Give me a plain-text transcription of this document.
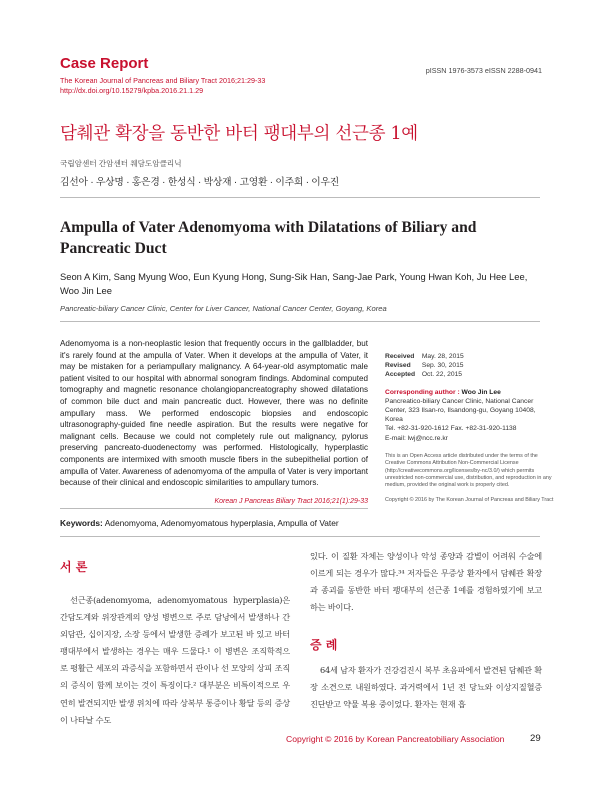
Case Report
The Korean Journal of Pancreas and Biliary Tract 2016;21:29-33
http://dx.doi.org/10.15279/kpba.2016.21.1.29
pISSN 1976-3573 eISSN 2288-0941
담췌관 확장을 동반한 바터 팽대부의 선근종 1예
국립암센터 간암센터 췌담도암클리닉
김선아 · 우상명 · 홍은경 · 한성식 · 박상재 · 고영환 · 이주희 · 이우진
Ampulla of Vater Adenomyoma with Dilatations of Biliary and Pancreatic Duct
Seon A Kim, Sang Myung Woo, Eun Kyung Hong, Sung-Sik Han, Sang-Jae Park, Young Hwan Koh, Ju Hee Lee, Woo Jin Lee
Pancreatic-biliary Cancer Clinic, Center for Liver Cancer, National Cancer Center, Goyang, Korea
Adenomyoma is a non-neoplastic lesion that frequently occurs in the gallbladder, but it's rarely found at the ampulla of Vater. When it develops at the ampulla of Vater, it may be mistaken for a periampullary malignancy. A 64-year-old asymptomatic male patient visited to our hospital with abnormal sonogram findings. Abdominal computed tomography and magnetic resonance cholangiopancreatography showed dilatations of common bile duct and main pancreatic duct. However, there was no definite ampullary mass. We performed endoscopic biopsies and endoscopic ultrasonography-guided fine needle aspiration. But the results were negative for malignant cells. Because we could not completely rule out malignancy, pylorus preserving pancreato-duodenectomy was performed. Histologically, hyperplastic components are intermixed with smooth muscle fibers in the subepithelial portion of ampulla of Vater. Awareness of adenomyoma of the ampulla of Vater is very important because of their clinical and endoscopic similarities to ampullary tumors.
Korean J Pancreas Biliary Tract 2016;21(1):29-33
Received May. 28, 2015
Revised Sep. 30, 2015
Accepted Oct. 22, 2015
Corresponding author : Woo Jin Lee
Pancreatico-biliary Cancer Clinic, National Cancer Center, 323 Ilsan-ro, Ilsandong-gu, Goyang 10408, Korea
Tel. +82-31-920-1612 Fax. +82-31-920-1138
E-mail: lwj@ncc.re.kr
This is an Open Access article distributed under the terms of the Creative Commons Attribution Non-Commercial License (http://creativecommons.org/licenses/by-nc/3.0/) which permits unrestricted non-commercial use, distribution, and reproduction in any medium, provided the original work is properly cited.
Copyright © 2016 by The Korean Journal of Pancreas and Biliary Tract
Keywords: Adenomyoma, Adenomyomatous hyperplasia, Ampulla of Vater
서 론

선근종(adenomyoma, adenomyomatous hyperplasia)은 간담도계와 위장관계의 양성 병변으로 주로 담낭에서 발생하나 간외담관, 십이지장, 소장 등에서 발생한 증례가 보고된 바 있고 바터 팽대부에서 발생하는 경우는 매우 드물다.¹ 이 병변은 조직학적으로 평활근 세포의 과증식을 포함하면서 관이나 선 모양의 상피 조직의 증식이 함께 보이는 것이 특징이다.² 대부분은 비특이적으로 우연히 발견되지만 발생 위치에 따라 상복부 통증이나 황달 등의 증상이 나타날 수도

있다. 이 질환 자체는 양성이나 악성 종양과 감별이 어려워 수술에 이르게 되는 경우가 많다.³⁴ 저자들은 무증상 환자에서 담췌관 확장과 종괴를 동반한 바터 팽대부의 선근종 1예를 경험하였기에 보고하는 바이다.

증 례

64세 남자 환자가 건강검진시 복부 초음파에서 발견된 담췌관 확장 소견으로 내원하였다. 과거력에서 1년 전 당뇨와 이상지질혈증 진단받고 약물 복용 중이었다. 환자는 현재 흡

Copyright © 2016 by Korean Pancreatobiliary Association	29
